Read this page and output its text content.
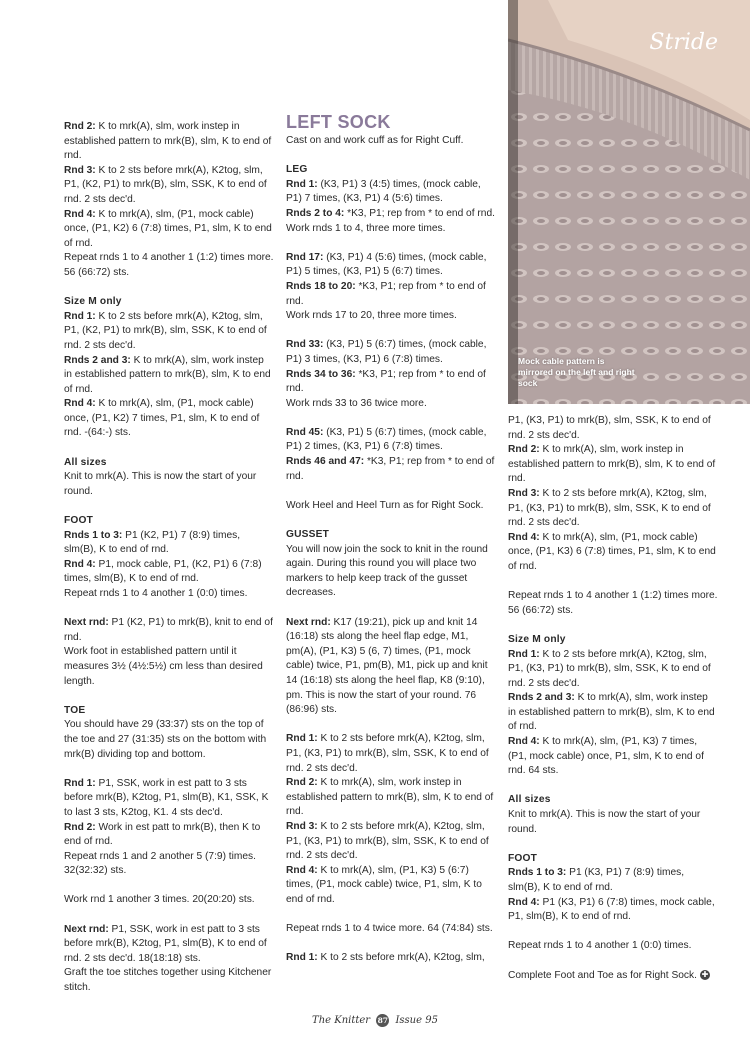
Stride
Mock cable pattern is mirrored on the left and right sock

Rnd 2: K to mrk(A), slm, work instep in established pattern to mrk(B), slm, K to end of rnd.

Rnd 3: K to 2 sts before mrk(A), K2tog, slm, P1, (K2, P1) to mrk(B), slm, SSK, K to end of rnd. 2 sts dec'd.

Rnd 4: K to mrk(A), slm, (P1, mock cable) once, (P1, K2) 6 (7:8) times, P1, slm, K to end of rnd.

Repeat rnds 1 to 4 another 1 (1:2) times more. 56 (66:72) sts.

Size M only

Rnd 1: K to 2 sts before mrk(A), K2tog, slm, P1, (K2, P1) to mrk(B), slm, SSK, K to end of rnd. 2 sts dec'd.

Rnds 2 and 3: K to mrk(A), slm, work instep in established pattern to mrk(B), slm, K to end of rnd.

Rnd 4: K to mrk(A), slm, (P1, mock cable) once, (P1, K2) 7 times, P1, slm, K to end of rnd. -(64:-) sts.

All sizes

Knit to mrk(A). This is now the start of your round.

FOOT

Rnds 1 to 3: P1 (K2, P1) 7 (8:9) times, slm(B), K to end of rnd.

Rnd 4: P1, mock cable, P1, (K2, P1) 6 (7:8) times, slm(B), K to end of rnd.

Repeat rnds 1 to 4 another 1 (0:0) times.

Next rnd: P1 (K2, P1) to mrk(B), knit to end of rnd.

Work foot in established pattern until it measures 3½ (4½:5½) cm less than desired length.

TOE

You should have 29 (33:37) sts on the top of the toe and 27 (31:35) sts on the bottom with mrk(B) dividing top and bottom.

Rnd 1: P1, SSK, work in est patt to 3 sts before mrk(B), K2tog, P1, slm(B), K1, SSK, K to last 3 sts, K2tog, K1. 4 sts dec'd.

Rnd 2: Work in est patt to mrk(B), then K to end of rnd.

Repeat rnds 1 and 2 another 5 (7:9) times. 32(32:32) sts.

Work rnd 1 another 3 times. 20(20:20) sts.

Next rnd: P1, SSK, work in est patt to 3 sts before mrk(B), K2tog, P1, slm(B), K to end of rnd. 2 sts dec'd. 18(18:18) sts.

Graft the toe stitches together using Kitchener stitch.

LEFT SOCK

Cast on and work cuff as for Right Cuff.

LEG

Rnd 1: (K3, P1) 3 (4:5) times, (mock cable, P1) 7 times, (K3, P1) 4 (5:6) times.

Rnds 2 to 4: *K3, P1; rep from * to end of rnd.

Work rnds 1 to 4, three more times.

Rnd 17: (K3, P1) 4 (5:6) times, (mock cable, P1) 5 times, (K3, P1) 5 (6:7) times.

Rnds 18 to 20: *K3, P1; rep from * to end of rnd.

Work rnds 17 to 20, three more times.

Rnd 33: (K3, P1) 5 (6:7) times, (mock cable, P1) 3 times, (K3, P1) 6 (7:8) times.

Rnds 34 to 36: *K3, P1; rep from * to end of rnd.

Work rnds 33 to 36 twice more.

Rnd 45: (K3, P1) 5 (6:7) times, (mock cable, P1) 2 times, (K3, P1) 6 (7:8) times.

Rnds 46 and 47: *K3, P1; rep from * to end of rnd.

Work Heel and Heel Turn as for Right Sock.

GUSSET

You will now join the sock to knit in the round again. During this round you will place two markers to help keep track of the gusset decreases.

Next rnd: K17 (19:21), pick up and knit 14 (16:18) sts along the heel flap edge, M1, pm(A), (P1, K3) 5 (6, 7) times, (P1, mock cable) twice, P1, pm(B), M1, pick up and knit 14 (16:18) sts along the heel flap, K8 (9:10), pm. This is now the start of your round. 76 (86:96) sts.

Rnd 1: K to 2 sts before mrk(A), K2tog, slm, P1, (K3, P1) to mrk(B), slm, SSK, K to end of rnd. 2 sts dec'd.

Rnd 2: K to mrk(A), slm, work instep in established pattern to mrk(B), slm, K to end of rnd.

Rnd 3: K to 2 sts before mrk(A), K2tog, slm, P1, (K3, P1) to mrk(B), slm, SSK, K to end of rnd. 2 sts dec'd.

Rnd 4: K to mrk(A), slm, (P1, K3) 5 (6:7) times, (P1, mock cable) twice, P1, slm, K to end of rnd.

Repeat rnds 1 to 4 twice more. 64 (74:84) sts.

Rnd 1: K to 2 sts before mrk(A), K2tog, slm,

P1, (K3, P1) to mrk(B), slm, SSK, K to end of rnd. 2 sts dec'd.

Rnd 2: K to mrk(A), slm, work instep in established pattern to mrk(B), slm, K to end of rnd.

Rnd 3: K to 2 sts before mrk(A), K2tog, slm, P1, (K3, P1) to mrk(B), slm, SSK, K to end of rnd. 2 sts dec'd.

Rnd 4: K to mrk(A), slm, (P1, mock cable) once, (P1, K3) 6 (7:8) times, P1, slm, K to end of rnd.

Repeat rnds 1 to 4 another 1 (1:2) times more. 56 (66:72) sts.

Size M only

Rnd 1: K to 2 sts before mrk(A), K2tog, slm, P1, (K3, P1) to mrk(B), slm, SSK, K to end of rnd. 2 sts dec'd.

Rnds 2 and 3: K to mrk(A), slm, work instep in established pattern to mrk(B), slm, K to end of rnd.

Rnd 4: K to mrk(A), slm, (P1, K3) 7 times, (P1, mock cable) once, P1, slm, K to end of rnd. 64 sts.

All sizes

Knit to mrk(A). This is now the start of your round.

FOOT

Rnds 1 to 3: P1 (K3, P1) 7 (8:9) times, slm(B), K to end of rnd.

Rnd 4: P1 (K3, P1) 6 (7:8) times, mock cable, P1, slm(B), K to end of rnd.

Repeat rnds 1 to 4 another 1 (0:0) times.

Complete Foot and Toe as for Right Sock. ✚

The Knitter 87 Issue 95
